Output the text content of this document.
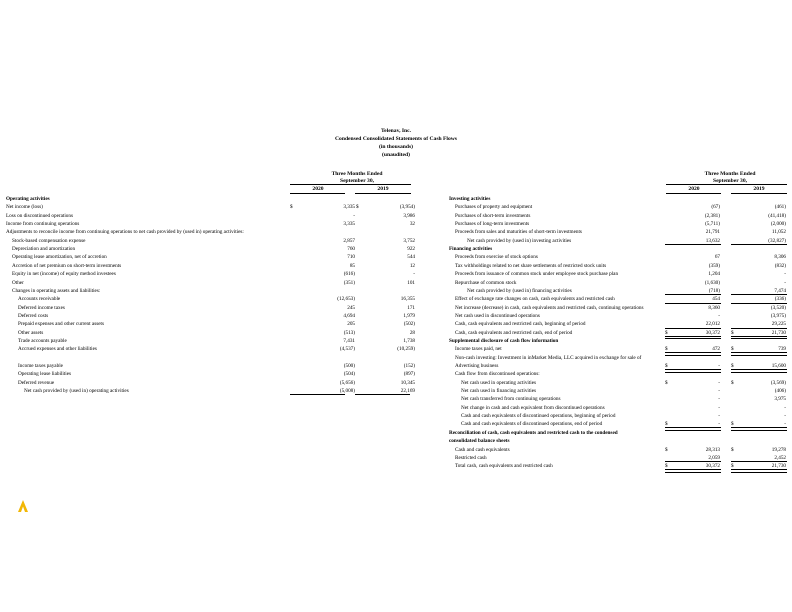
Telenav, Inc.
Condensed Consolidated Statements of Cash Flows
(in thousands)
(unaudited)
Three Months Ended
September 30,
2020	2019
Three Months Ended
September 30,
2020	2019
Operating activities
Net income (loss)	$	3,335 $	(3,954)
Loss on discontinued operations	-	3,986
Income from continuing operations	3,335	32
Adjustments to reconcile income from continuing operations to net cash provided by (used in) operating activities:
Stock-based compensation expense	2,857	3,752
Depreciation and amortization	760	922
Operating lease amortization, net of accretion	710	544
Accretion of net premium on short-term investments	85	12
Equity in net (income) of equity method investees	(616)	-
Other	(351)	101
Changes in operating assets and liabilities:
Accounts receivable	(12,653)	16,355
Deferred income taxes	245	171
Deferred costs	4,694	1,979
Prepaid expenses and other current assets	205	(502)
Other assets	(513)	28
Trade accounts payable	7,431	1,738
Accrued expenses and other liabilities	(4,537)	(10,259)
Income taxes payable	(500)	(152)
Operating lease liabilities	(504)	(897)
Deferred revenue	(5,656)	10,345
Net cash provided by (used in) operating activities	(5,008)	22,169
Investing activities
Purchases of property and equipment	(67)	(461)
Purchases of short-term investments	(2,381)	(41,418)
Purchases of long-term investments	(5,711)	(2,000)
Proceeds from sales and maturities of short-term investments	21,791	11,052
Net cash provided by (used in) investing activities	13,632	(32,827)
Financing activities
Proceeds from exercise of stock options	67	8,306
Tax withholdings related to net share settlements of restricted stock units	(359)	(832)
Proceeds from issuance of common stock under employee stock purchase plan	1,204	-
Repurchase of common stock	(1,630)	-
Net cash provided by (used in) financing activities	(718)	7,474
Effect of exchange rate changes on cash, cash equivalents and restricted cash	454	(336)
Net increase (decrease) in cash, cash equivalents and restricted cash, continuing operations	8,360	(3,520)
Net cash used in discontinued operations	-	(3,975)
Cash, cash equivalents and restricted cash, beginning of period	22,012	29,225
Cash, cash equivalents and restricted cash, end of period	$	30,372 $	21,730
Supplemental disclosure of cash flow information
Income taxes paid, net	$	472 $	739
Non-cash investing: Investment in inMarket Media, LLC acquired in exchange for sale of
Advertising business	$	- $	15,600
Cash flow from discontinued operations:
Net cash used in operating activities	$	- $	(3,569)
Net cash used in financing activities	-	(406)
Net cash transferred from continuing operations	-	3,975
Net change in cash and cash equivalent from discontinued operations	-	-
Cash and cash equivalents of discontinued operations, beginning of period	-	-
Cash and cash equivalents of discontinued operations, end of period	$	- $	-
Reconciliation of cash, cash equivalents and restricted cash to the condensed
consolidated balance sheets
Cash and cash equivalents	$	28,313 $	19,278
Restricted cash	2,059	2,452
Total cash, cash equivalents and restricted cash	$	30,372 $	21,730
